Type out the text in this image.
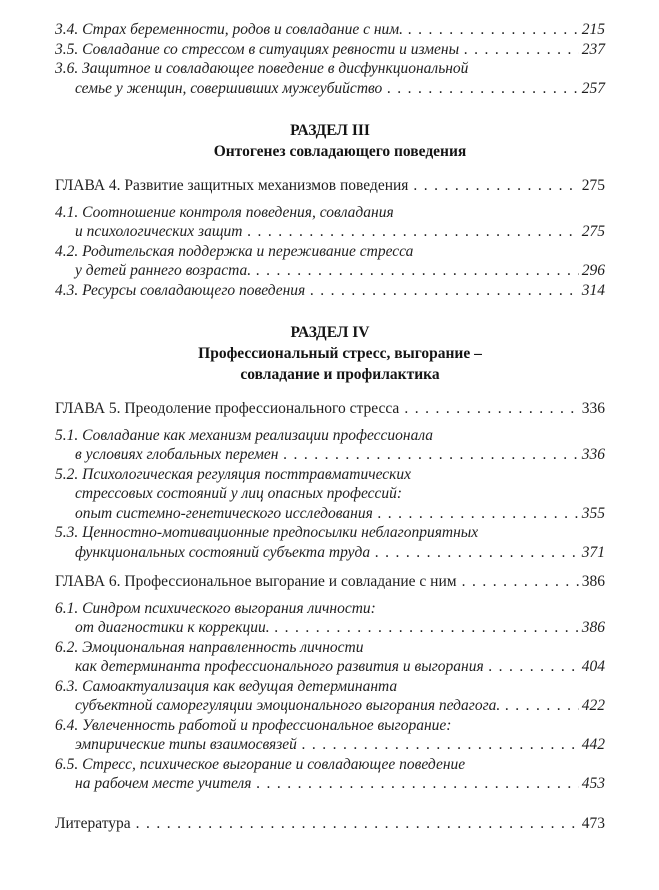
3.4. Страх беременности, родов и совладание с ним. .....	215
3.5. Совладание со стрессом в ситуациях ревности и измены .....	237
3.6. Защитное и совладающее поведение в дисфункциональной
семье у женщин, совершивших мужеубийство .....	257
РАЗДЕЛ III
Онтогенез совладающего поведения
ГЛАВА 4. Развитие защитных механизмов поведения .....	275
4.1. Соотношение контроля поведения, совладания
и психологических защит .....	275
4.2. Родительская поддержка и переживание стресса
у детей раннего возраста. .....	296
4.3. Ресурсы совладающего поведения .....	314
РАЗДЕЛ IV
Профессиональный стресс, выгорание –
совладание и профилактика
ГЛАВА 5. Преодоление профессионального стресса .....	336
5.1. Совладание как механизм реализации профессионала
в условиях глобальных перемен .....	336
5.2. Психологическая регуляция посттравматических
стрессовых состояний у лиц опасных профессий:
опыт системно-генетического исследования .....	355
5.3. Ценностно-мотивационные предпосылки неблагоприятных
функциональных состояний субъекта труда .....	371
ГЛАВА 6. Профессиональное выгорание и совладание с ним .....	386
6.1. Синдром психического выгорания личности:
от диагностики к коррекции. .....	386
6.2. Эмоциональная направленность личности
как детерминанта профессионального развития и выгорания .....	404
6.3. Самоактуализация как ведущая детерминанта
субъектной саморегуляции эмоционального выгорания педагога. .....	422
6.4. Увлеченность работой и профессиональное выгорание:
эмпирические типы взаимосвязей .....	442
6.5. Стресс, психическое выгорание и совладающее поведение
на рабочем месте учителя .....	453
Литература .....	473
